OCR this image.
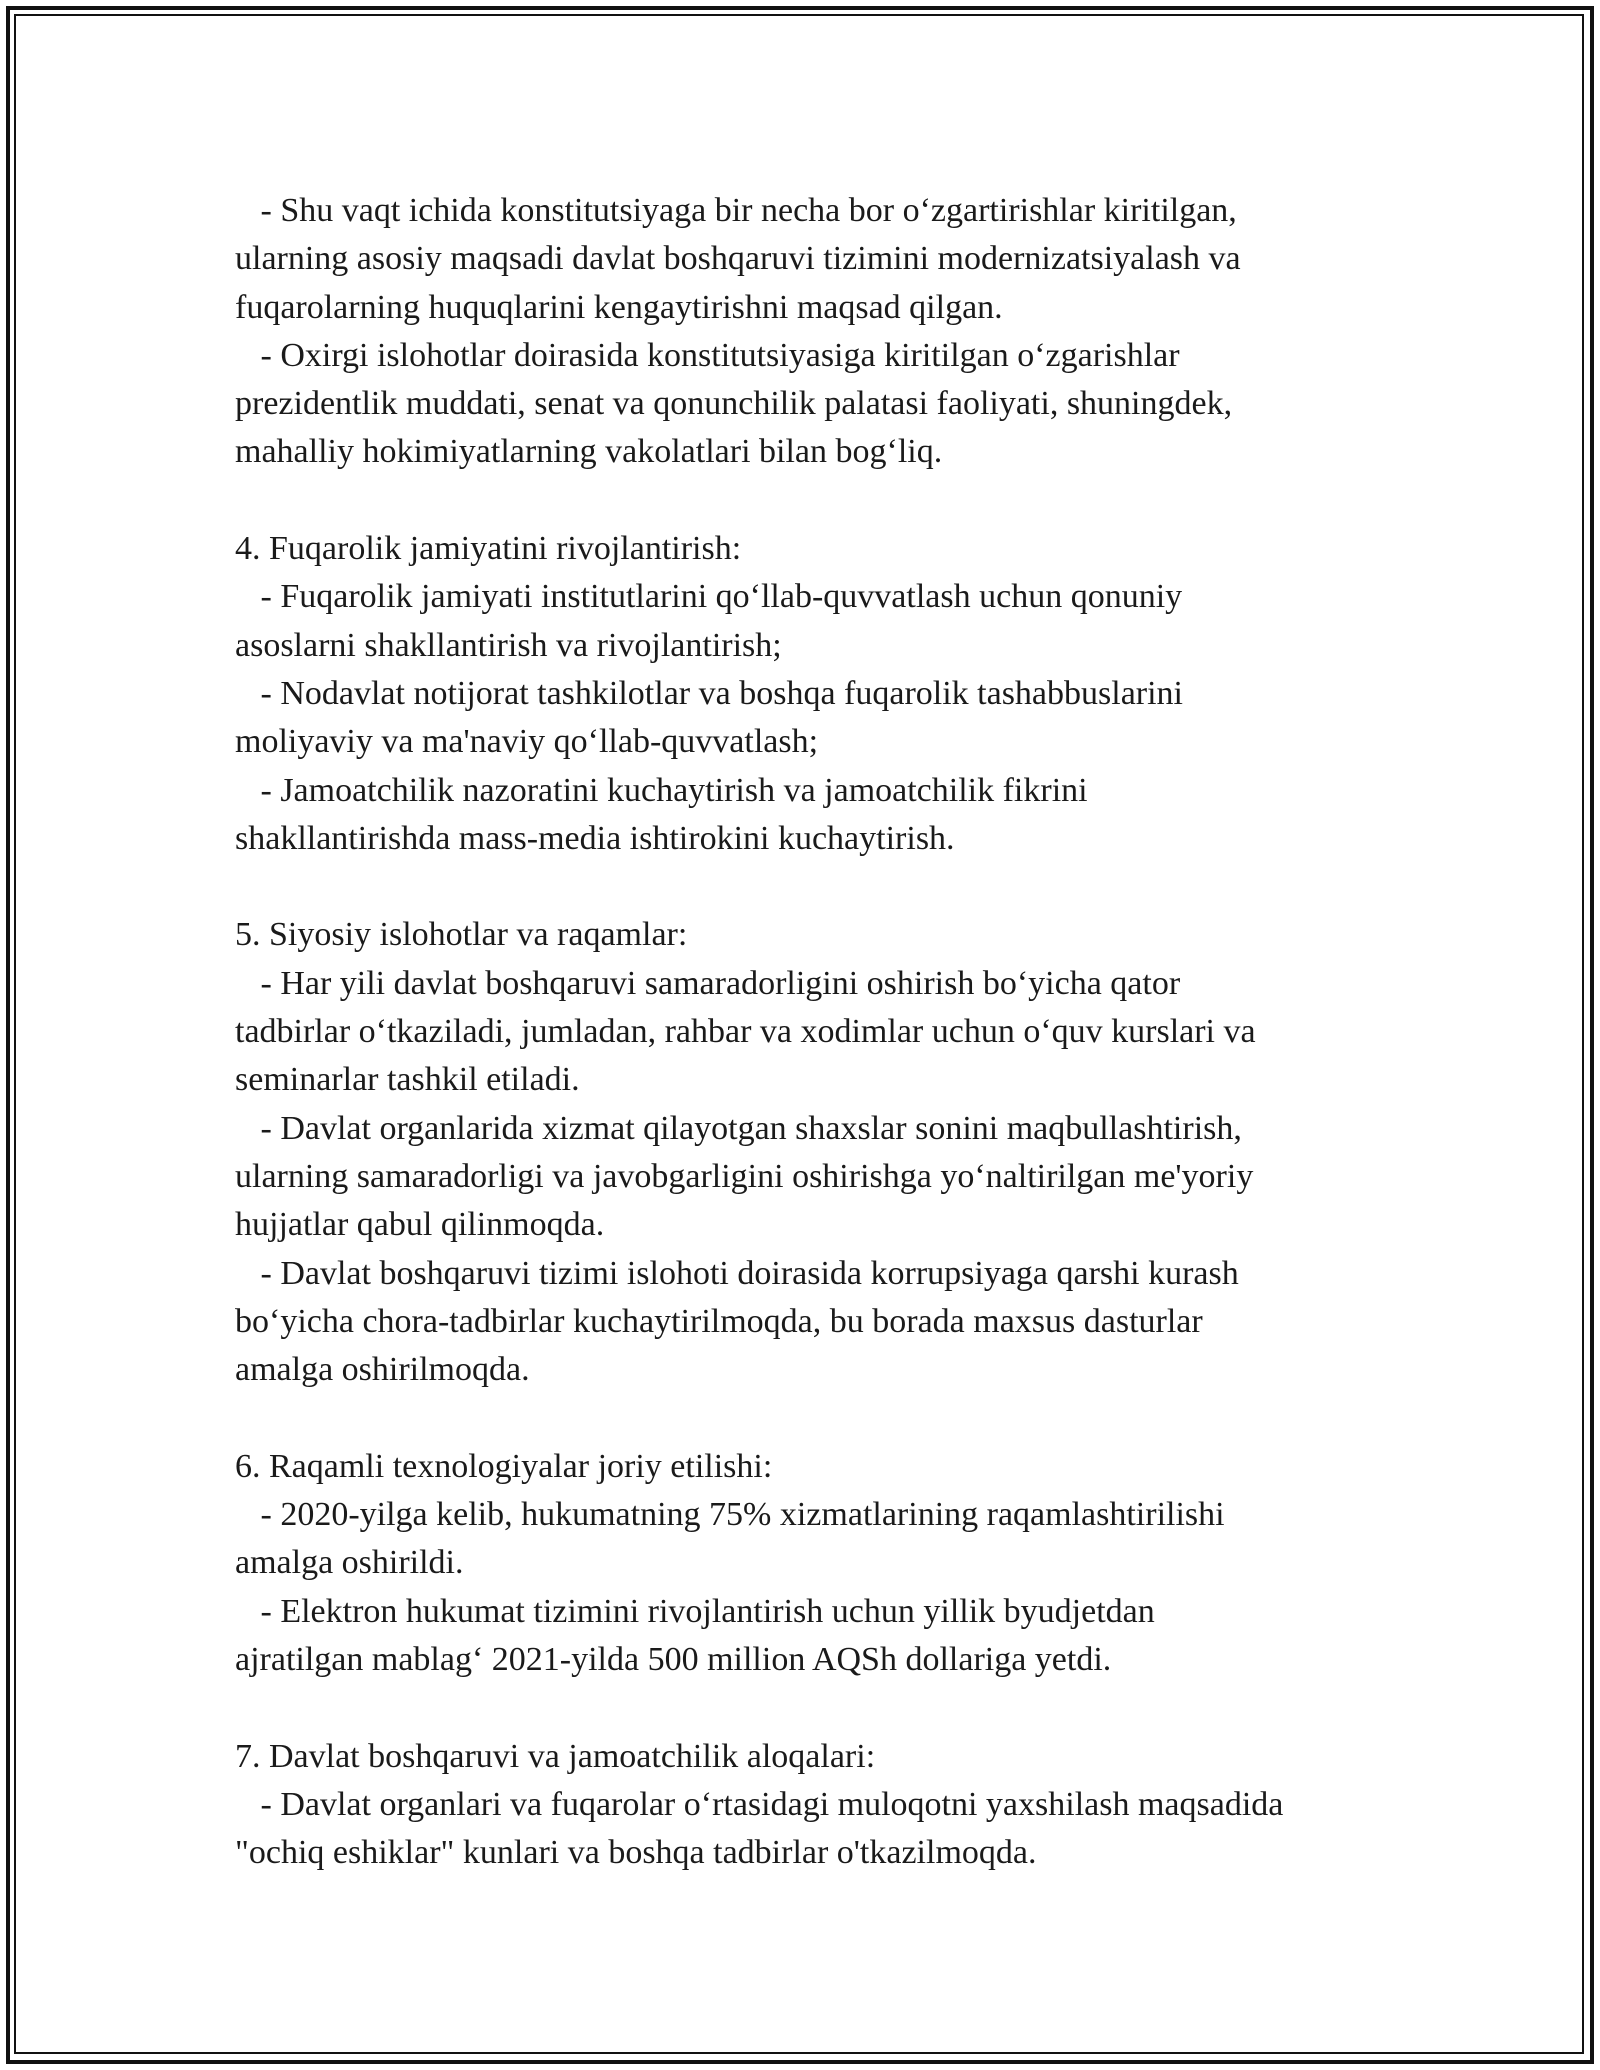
- Shu vaqt ichida konstitutsiyaga bir necha bor o‘zgartirishlar kiritilgan,
ularning asosiy maqsadi davlat boshqaruvi tizimini modernizatsiyalash va
fuqarolarning huquqlarini kengaytirishni maqsad qilgan.
- Oxirgi islohotlar doirasida konstitutsiyasiga kiritilgan o‘zgarishlar
prezidentlik muddati, senat va qonunchilik palatasi faoliyati, shuningdek,
mahalliy hokimiyatlarning vakolatlari bilan bog‘liq.
4. Fuqarolik jamiyatini rivojlantirish:
- Fuqarolik jamiyati institutlarini qo‘llab-quvvatlash uchun qonuniy
asoslarni shakllantirish va rivojlantirish;
- Nodavlat notijorat tashkilotlar va boshqa fuqarolik tashabbuslarini
moliyaviy va ma'naviy qo‘llab-quvvatlash;
- Jamoatchilik nazoratini kuchaytirish va jamoatchilik fikrini
shakllantirishda mass-media ishtirokini kuchaytirish.
5. Siyosiy islohotlar va raqamlar:
- Har yili davlat boshqaruvi samaradorligini oshirish bo‘yicha qator
tadbirlar o‘tkaziladi, jumladan, rahbar va xodimlar uchun o‘quv kurslari va
seminarlar tashkil etiladi.
- Davlat organlarida xizmat qilayotgan shaxslar sonini maqbullashtirish,
ularning samaradorligi va javobgarligini oshirishga yo‘naltirilgan me'yoriy
hujjatlar qabul qilinmoqda.
- Davlat boshqaruvi tizimi islohoti doirasida korrupsiyaga qarshi kurash
bo‘yicha chora-tadbirlar kuchaytirilmoqda, bu borada maxsus dasturlar
amalga oshirilmoqda.
6. Raqamli texnologiyalar joriy etilishi:
- 2020-yilga kelib, hukumatning 75% xizmatlarining raqamlashtirilishi
amalga oshirildi.
- Elektron hukumat tizimini rivojlantirish uchun yillik byudjetdan
ajratilgan mablag‘ 2021-yilda 500 million AQSh dollariga yetdi.
7. Davlat boshqaruvi va jamoatchilik aloqalari:
- Davlat organlari va fuqarolar o‘rtasidagi muloqotni yaxshilash maqsadida
"ochiq eshiklar" kunlari va boshqa tadbirlar o'tkazilmoqda.
